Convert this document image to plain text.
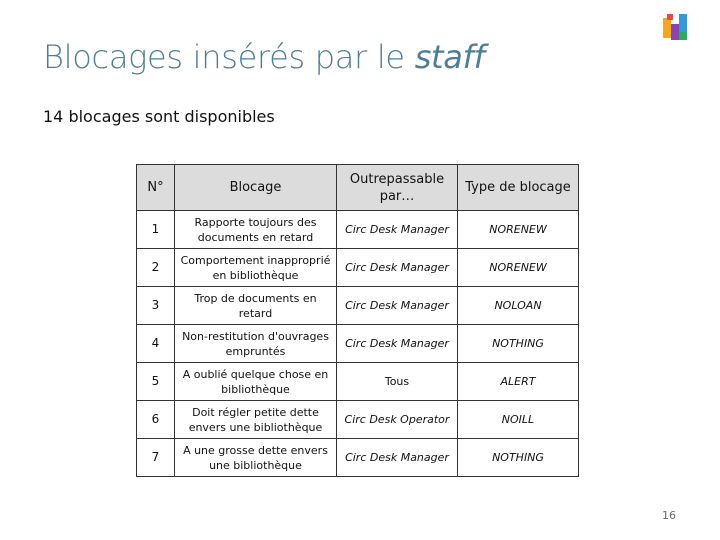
Blocages insérés par le staff
14 blocages sont disponibles
N°	Blocage	Outrepassable par…	Type de blocage
1	Rapporte toujours des documents en retard	Circ Desk Manager	NORENEW
2	Comportement inapproprié en bibliothèque	Circ Desk Manager	NORENEW
3	Trop de documents en retard	Circ Desk Manager	NOLOAN
4	Non-restitution d'ouvrages empruntés	Circ Desk Manager	NOTHING
5	A oublié quelque chose en bibliothèque	Tous	ALERT
6	Doit régler petite dette envers une bibliothèque	Circ Desk Operator	NOILL
7	A une grosse dette envers une bibliothèque	Circ Desk Manager	NOTHING
16
